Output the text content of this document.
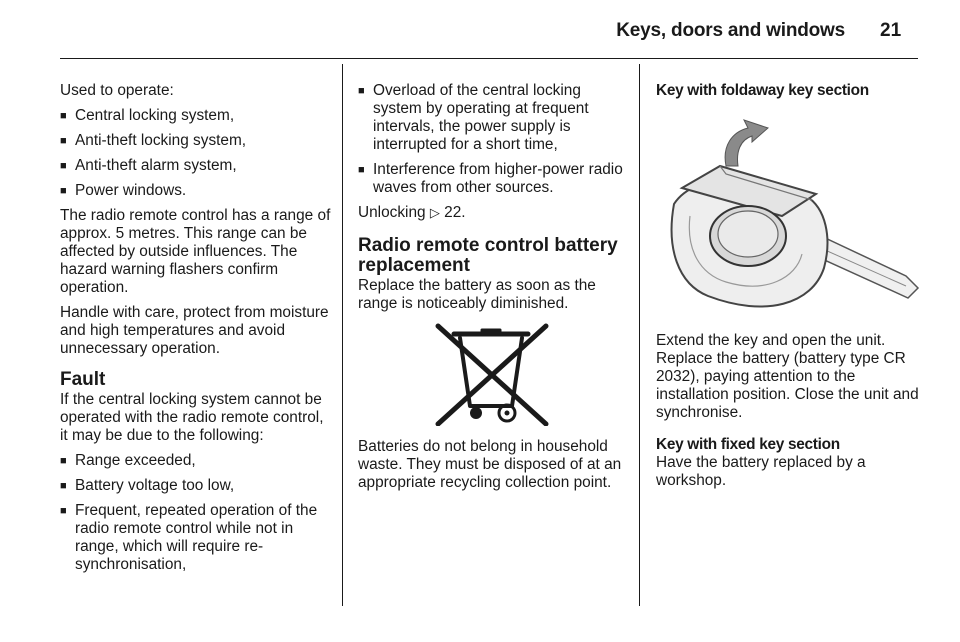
Keys, doors and windows 21

Used to operate:

■ Central locking system,
■ Anti-theft locking system,
■ Anti-theft alarm system,
■ Power windows.

The radio remote control has a range of approx. 5 metres. This range can be affected by outside influences. The hazard warning flashers confirm operation.

Handle with care, protect from moisture and high temperatures and avoid unnecessary operation.

Fault

If the central locking system cannot be operated with the radio remote control, it may be due to the following:

■ Range exceeded,
■ Battery voltage too low,
■ Frequent, repeated operation of the radio remote control while not in range, which will require re-synchronisation,
■ Overload of the central locking system by operating at frequent intervals, the power supply is interrupted for a short time,
■ Interference from higher-power radio waves from other sources.

Unlocking ▷ 22.

Radio remote control battery replacement

Replace the battery as soon as the range is noticeably diminished.

Batteries do not belong in household waste. They must be disposed of at an appropriate recycling collection point.

Key with foldaway key section

Extend the key and open the unit. Replace the battery (battery type CR 2032), paying attention to the installation position. Close the unit and synchronise.

Key with fixed key section

Have the battery replaced by a workshop.
